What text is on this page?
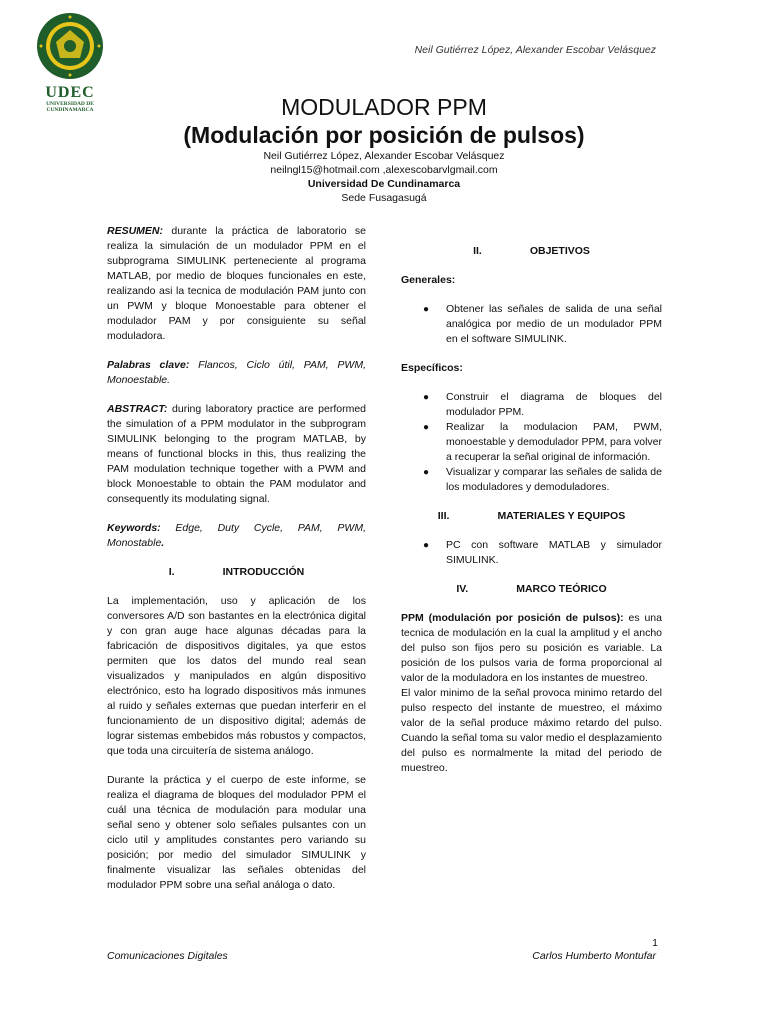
UDEC
UNIVERSIDAD DE
CUNDINAMARCA
Neil Gutiérrez López, Alexander Escobar Velásquez
MODULADOR PPM
(Modulación por posición de pulsos)
Neil Gutiérrez López, Alexander Escobar Velásquez
neilngl15@hotmail.com ,alexescobarvlgmail.com
Universidad De Cundinamarca
Sede Fusagasugá

RESUMEN: durante la práctica de laboratorio se realiza la simulación de un modulador PPM en el subprograma SIMULINK perteneciente al programa MATLAB, por medio de bloques funcionales en este, realizando asi la tecnica de modulación PAM junto con un PWM y bloque Monoestable para obtener el modulador PAM y por consiguiente su señal moduladora.

Palabras clave: Flancos, Ciclo útil, PAM, PWM, Monoestable.

ABSTRACT: during laboratory practice are performed the simulation of a PPM modulator in the subprogram SIMULINK belonging to the program MATLAB, by means of functional blocks in this, thus realizing the PAM modulation technique together with a PWM and block Monoestable to obtain the PAM modulator and consequently its modulating signal.

Keywords: Edge, Duty Cycle, PAM, PWM, Monostable.

I.	INTRODUCCIÓN

La implementación, uso y aplicación de los conversores A/D son bastantes en la electrónica digital y con gran auge hace algunas décadas para la fabricación de dispositivos digitales, ya que estos permiten que los datos del mundo real sean visualizados y manipulados en algún dispositivo electrónico, esto ha logrado dispositivos más inmunes al ruido y señales externas que puedan interferir en el funcionamiento de un dispositivo digital; además de lograr sistemas embebidos más robustos y compactos, que toda una circuitería de sistema análogo.

Durante la práctica y el cuerpo de este informe, se realiza el diagrama de bloques del modulador PPM el cuál una técnica de modulación para modular una señal seno y obtener solo señales pulsantes con un ciclo util y amplitudes constantes pero variando su posición; por medio del simulador SIMULINK y finalmente visualizar las señales obtenidas del modulador PPM sobre una señal análoga o dato.

II.	OBJETIVOS
Generales:
● Obtener las señales de salida de una señal analógica por medio de un modulador PPM en el software SIMULINK.
Específicos:
● Construir el diagrama de bloques del modulador PPM.
● Realizar la modulacion PAM, PWM, monoestable y demodulador PPM, para volver a recuperar la señal original de información.
● Visualizar y comparar las señales de salida de los moduladores y demoduladores.
III.	MATERIALES Y EQUIPOS
● PC con software MATLAB y simulador SIMULINK.
IV.	MARCO TEÓRICO

PPM (modulación por posición de pulsos): es una tecnica de modulación en la cual la amplitud y el ancho del pulso son fijos pero su posición es variable. La posición de los pulsos varia de forma proporcional al valor de la moduladora en los instantes de muestreo.

El valor minimo de la señal provoca minimo retardo del pulso respecto del instante de muestreo, el máximo valor de la señal produce máximo retardo del pulso. Cuando la señal toma su valor medio el desplazamiento del pulso es normalmente la mitad del periodo de muestreo.

1
Comunicaciones Digitales	Carlos Humberto Montufar
